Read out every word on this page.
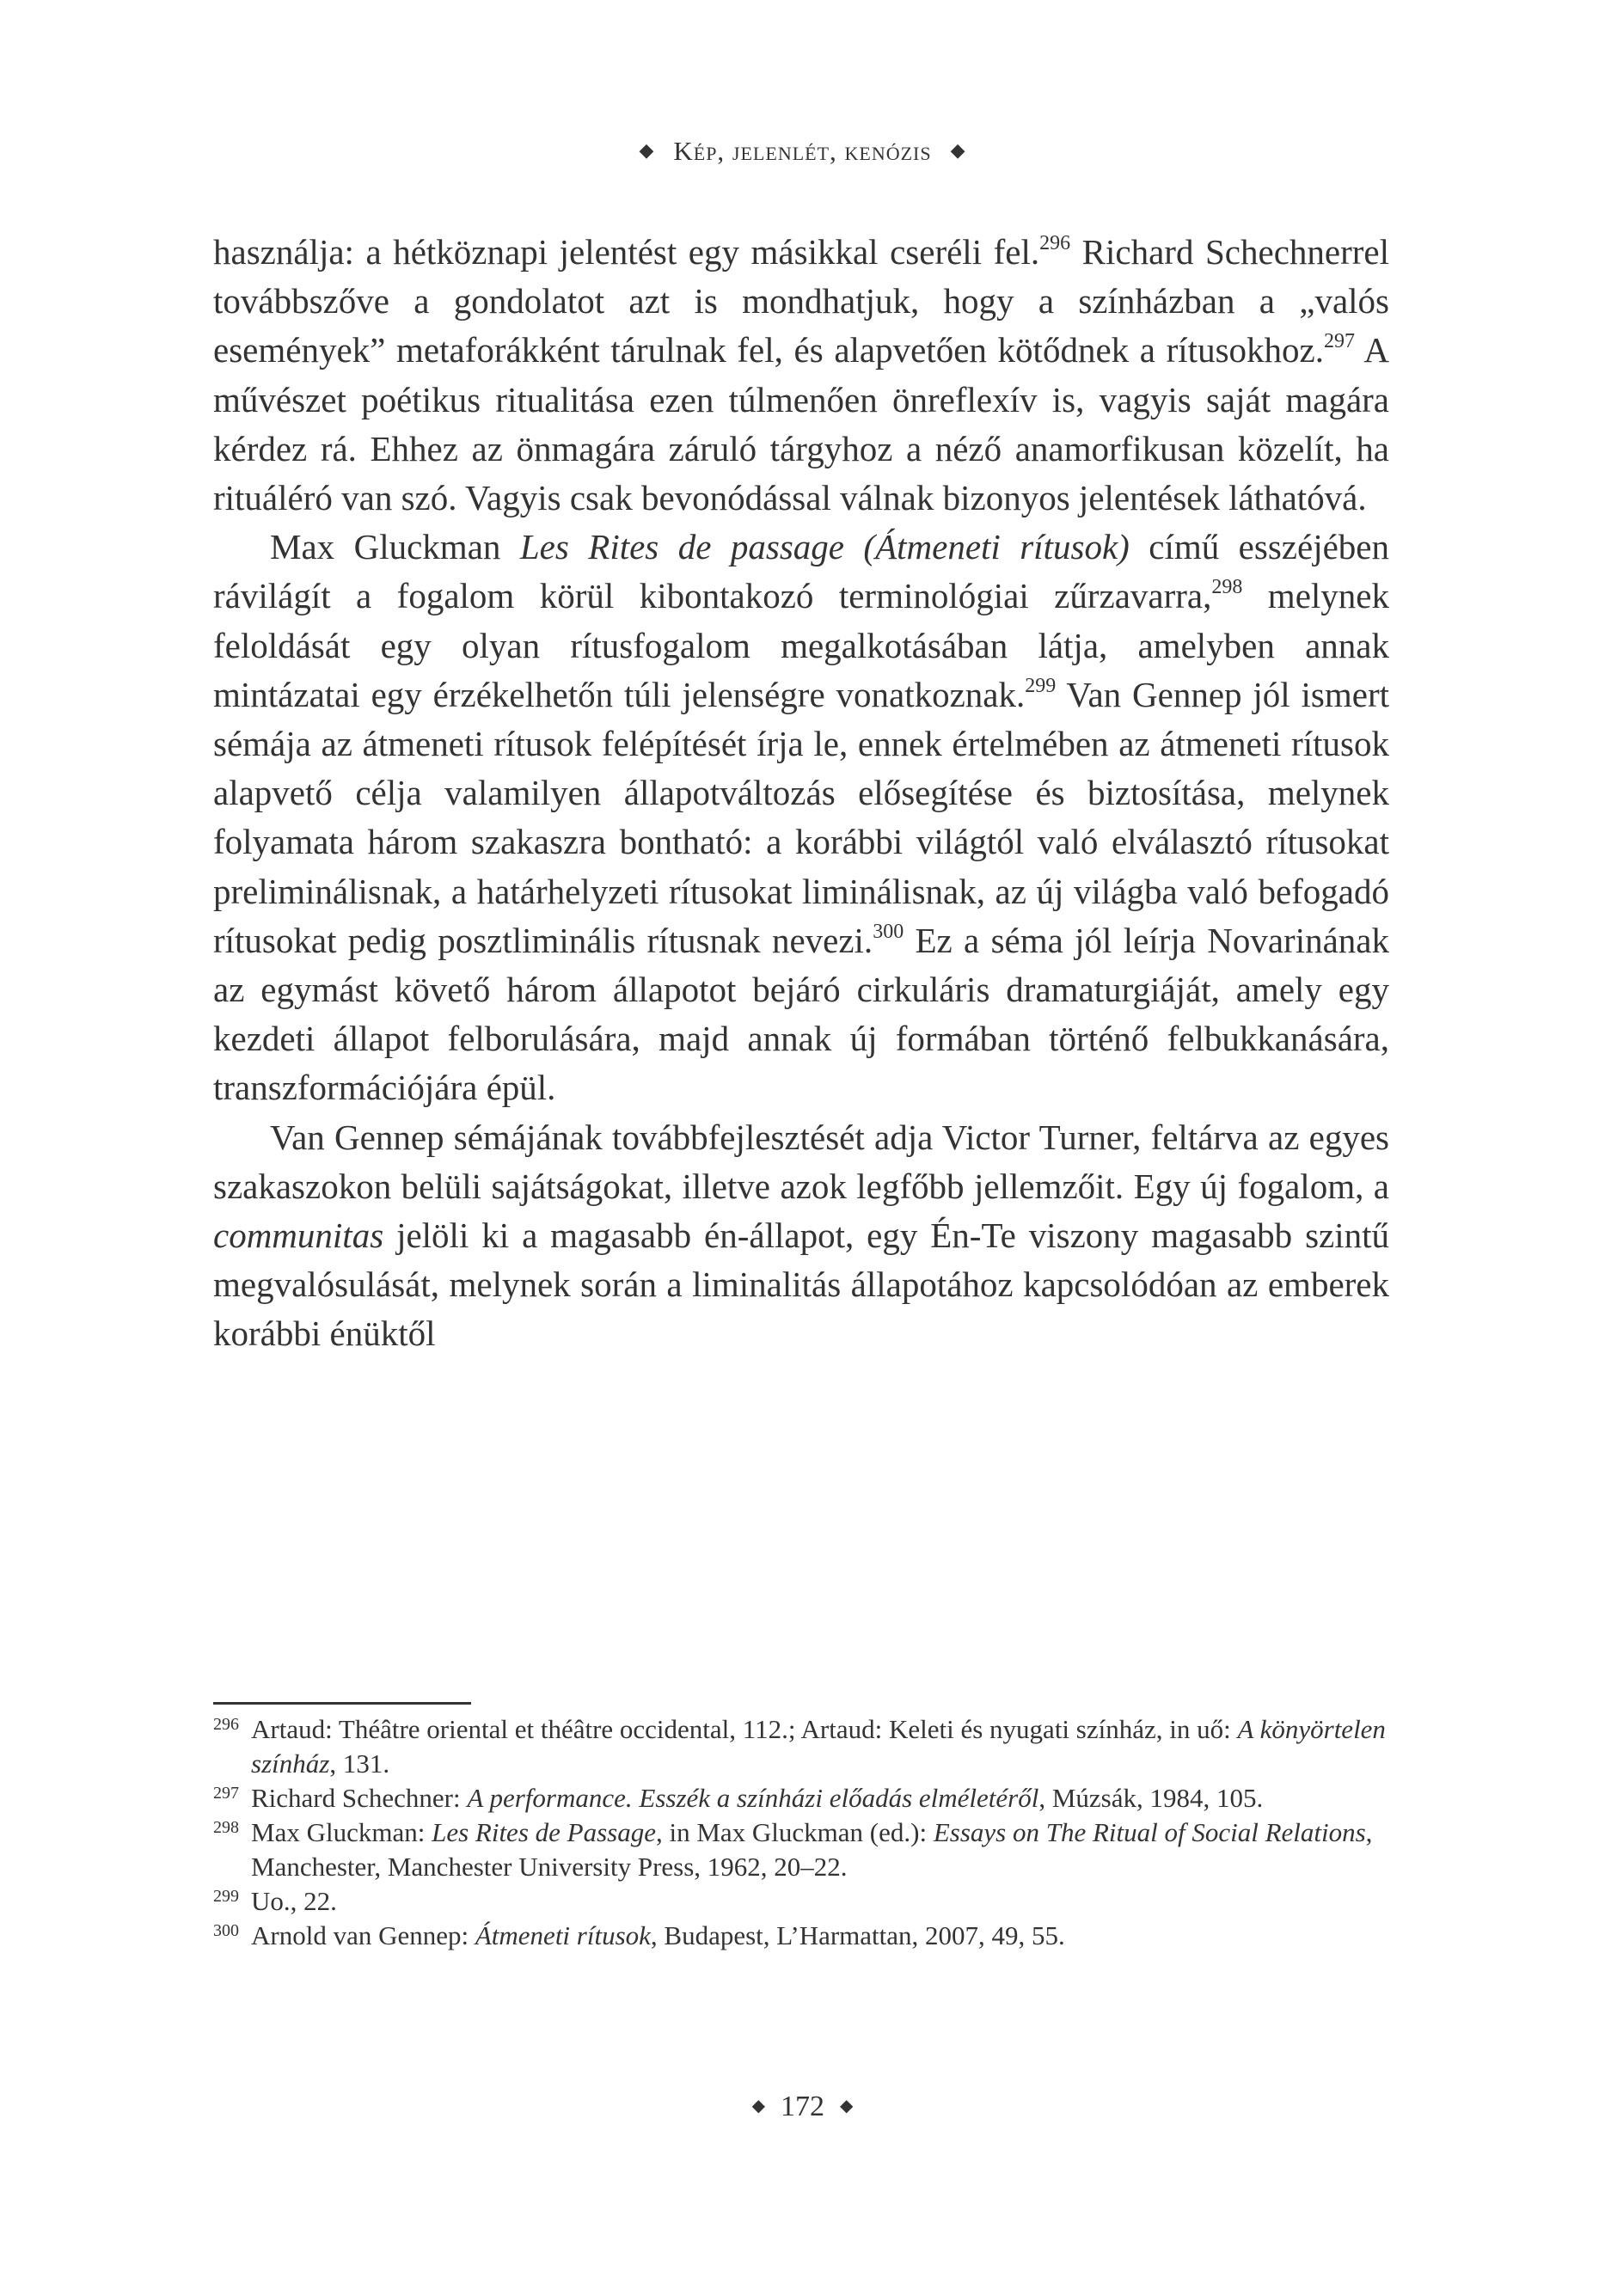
◆ Kép, jelenlét, kenózis ◆

használja: a hétköznapi jelentést egy másikkal cseréli fel.$^{296}$ Richard Schechnerrel továbbszőve a gondolatot azt is mondhatjuk, hogy a színházban a „valós események” metaforákként tárulnak fel, és alapvetően kötődnek a rítusokhoz.$^{297}$ A művészet poétikus ritualitása ezen túlmenően önreflexív is, vagyis saját magára kérdez rá. Ehhez az önmagára záruló tárgyhoz a néző anamorfikusan közelít, ha rituáléró van szó. Vagyis csak bevonódással válnak bizonyos jelentések láthatóvá.

Max Gluckman Les Rites de passage (Átmeneti rítusok) című esszéjében rávilágít a fogalom körül kibontakozó terminológiai zűrzavarra,$^{298}$ melynek feloldását egy olyan rítusfogalom megalkotásában látja, amelyben annak mintázatai egy érzékelhetőn túli jelenségre vonatkoznak.$^{299}$ Van Gennep jól ismert sémája az átmeneti rítusok felépítését írja le, ennek értelmében az átmeneti rítusok alapvető célja valamilyen állapotváltozás elősegítése és biztosítása, melynek folyamata három szakaszra bontható: a korábbi világtól való elválasztó rítusokat preliminálisnak, a határhelyzeti rítusokat liminálisnak, az új világba való befogadó rítusokat pedig posztliminális rítusnak nevezi.$^{300}$ Ez a séma jól leírja Novarinának az egymást követő három állapotot bejáró cirkuláris dramaturgiáját, amely egy kezdeti állapot felborulására, majd annak új formában történő felbukkanására, transzformációjára épül.

Van Gennep sémájának továbbfejlesztését adja Victor Turner, feltárva az egyes szakaszokon belüli sajátságokat, illetve azok legfőbb jellemzőit. Egy új fogalom, a communitas jelöli ki a magasabb én-állapot, egy Én-Te viszony magasabb szintű megvalósulását, melynek során a liminalitás állapotához kapcsolódóan az emberek korábbi énüktől

296 Artaud: Théâtre oriental et théâtre occidental, 112.; Artaud: Keleti és nyugati színház, in uő: A könyörtelen színház, 131.

297 Richard Schechner: A performance. Esszék a színházi előadás elméletéről, Múzsák, 1984, 105.

298 Max Gluckman: Les Rites de Passage, in Max Gluckman (ed.): Essays on The Ritual of Social Relations, Manchester, Manchester University Press, 1962, 20–22.

299 Uo., 22.

300 Arnold van Gennep: Átmeneti rítusok, Budapest, L’Harmattan, 2007, 49, 55.

◆ 172 ◆
